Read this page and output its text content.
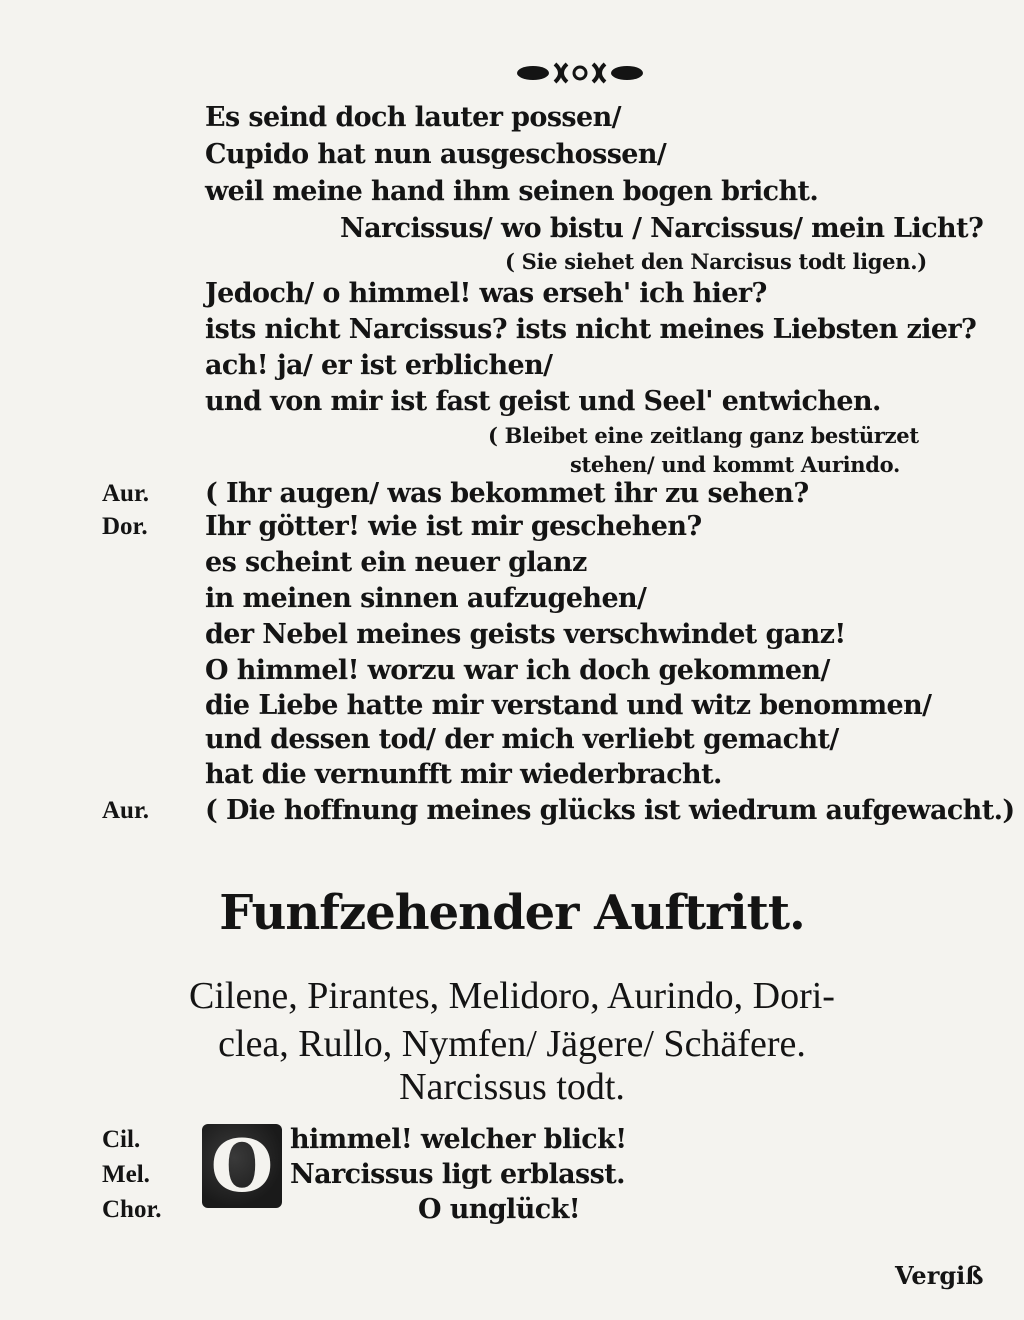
Es seind doch lauter possen/
Cupido hat nun ausgeschossen/
weil meine hand ihm seinen bogen bricht.
Narcissus/ wo bistu / Narcissus/ mein Licht?
( Sie siehet den Narcisus todt ligen.)
Jedoch/ o himmel! was erseh' ich hier?
ists nicht Narcissus? ists nicht meines Liebsten zier?
ach! ja/ er ist erblichen/
und von mir ist fast geist und Seel' entwichen.
( Bleibet eine zeitlang ganz bestürzet
stehen/ und kommt Aurindo.
Aur. ( Ihr augen/ was bekommet ihr zu sehen?
Dor. Ihr götter! wie ist mir geschehen?
es scheint ein neuer glanz
in meinen sinnen aufzugehen/
der Nebel meines geists verschwindet ganz!
O himmel! worzu war ich doch gekommen/
die Liebe hatte mir verstand und witz benommen/
und dessen tod/ der mich verliebt gemacht/
hat die vernunfft mir wiederbracht.
Aur. ( Die hoffnung meines glücks ist wiedrum aufgewacht.)
Funfzehender Auftritt.
Cilene, Pirantes, Melidoro, Aurindo, Dori-
clea, Rullo, Nymfen/ Jägere/ Schäfere.
Narcissus todt.
Cil.
Mel.
Chor.
O himmel! welcher blick!
Narcissus ligt erblasst.
O unglück!
Vergiß
